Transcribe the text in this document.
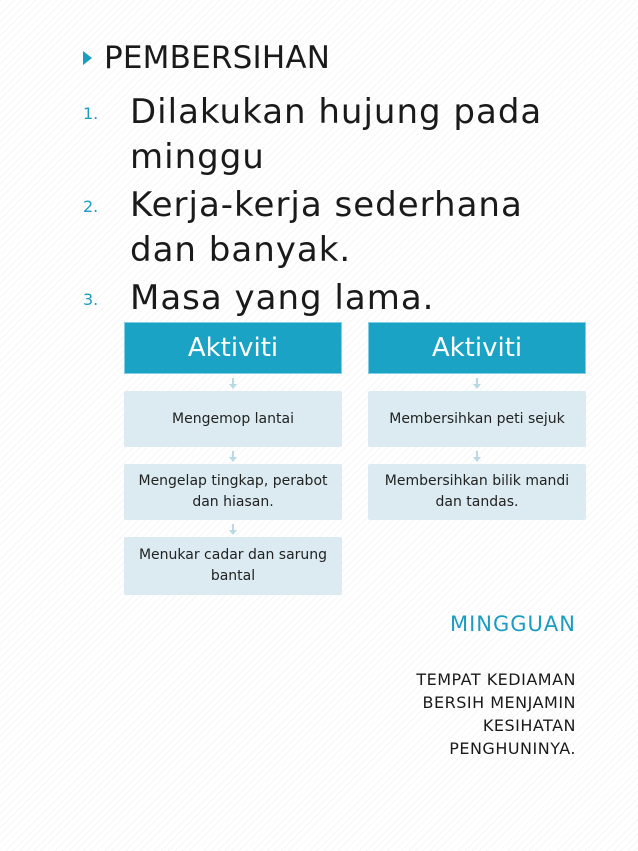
PEMBERSIHAN
1. Dilakukan hujung pada
minggu
2. Kerja-kerja sederhana
dan banyak.
3. Masa yang lama.
Aktiviti
Mengemop lantai
Mengelap tingkap, perabot dan hiasan.
Menukar cadar dan sarung bantal
Aktiviti
Membersihkan peti sejuk
Membersihkan bilik mandi dan tandas.
MINGGUAN
TEMPAT KEDIAMAN
BERSIH MENJAMIN
KESIHATAN
PENGHUNINYA.
